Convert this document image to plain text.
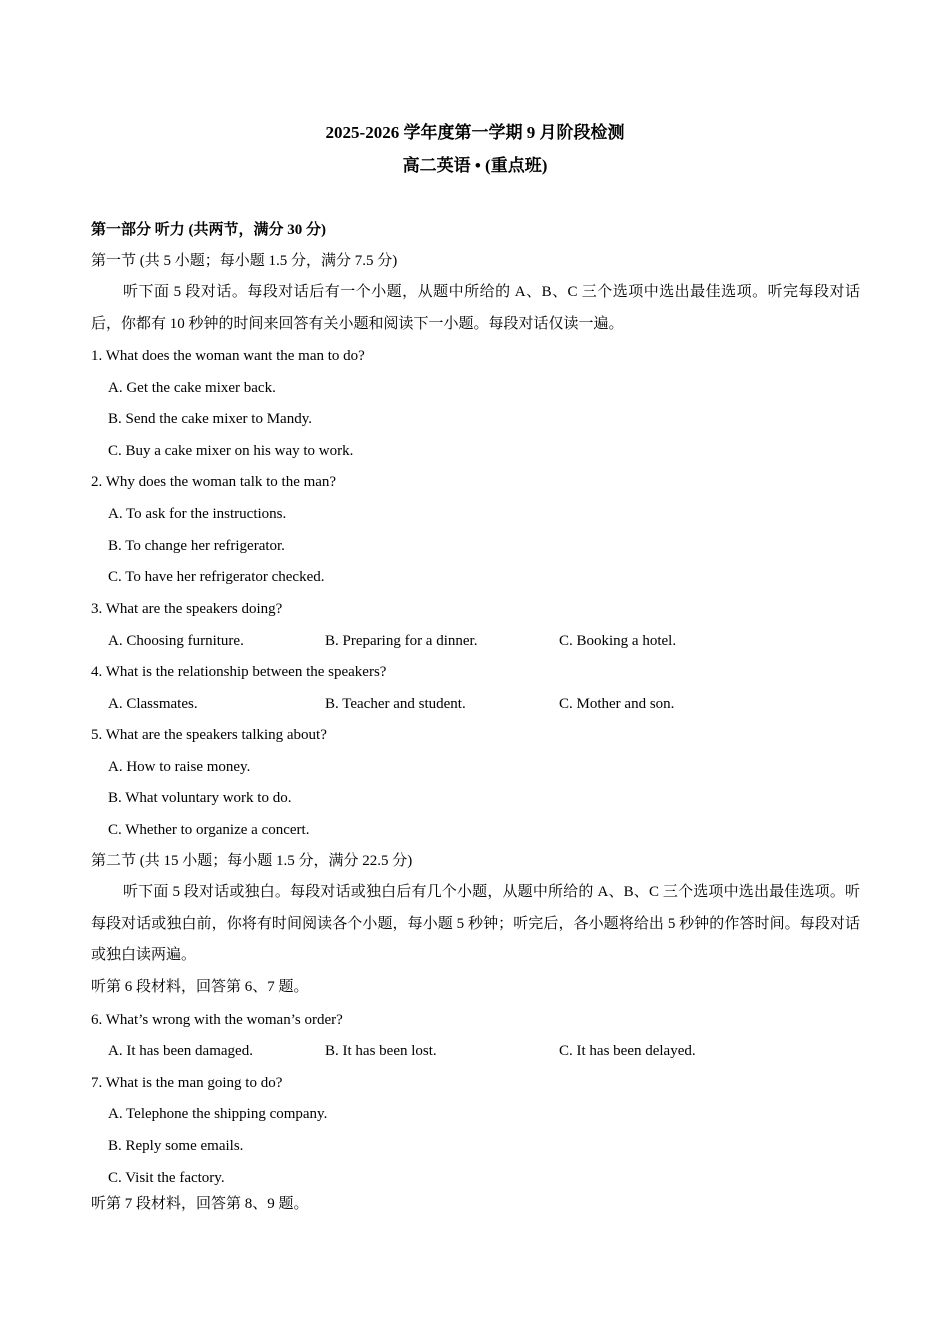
2025-2026 学年度第一学期 9 月阶段检测
高二英语 • (重点班)
第一部分 听力 (共两节，满分 30 分)
第一节 (共 5 小题；每小题 1.5 分，满分 7.5 分)
听下面 5 段对话。每段对话后有一个小题，从题中所给的 A、B、C 三个选项中选出最佳选项。听完每段对话后，你都有 10 秒钟的时间来回答有关小题和阅读下一小题。每段对话仅读一遍。
1. What does the woman want the man to do?
A. Get the cake mixer back.
B. Send the cake mixer to Mandy.
C. Buy a cake mixer on his way to work.
2. Why does the woman talk to the man?
A. To ask for the instructions.
B. To change her refrigerator.
C. To have her refrigerator checked.
3. What are the speakers doing?
A. Choosing furniture.	B. Preparing for a dinner.	C. Booking a hotel.
4. What is the relationship between the speakers?
A. Classmates.	B. Teacher and student.	C. Mother and son.
5. What are the speakers talking about?
A. How to raise money.
B. What voluntary work to do.
C. Whether to organize a concert.
第二节 (共 15 小题；每小题 1.5 分，满分 22.5 分)
听下面 5 段对话或独白。每段对话或独白后有几个小题，从题中所给的 A、B、C 三个选项中选出最佳选项。听每段对话或独白前，你将有时间阅读各个小题，每小题 5 秒钟；听完后，各小题将给出 5 秒钟的作答时间。每段对话或独白读两遍。
听第 6 段材料，回答第 6、7 题。
6. What’s wrong with the woman’s order?
A. It has been damaged.	B. It has been lost.	C. It has been delayed.
7. What is the man going to do?
A. Telephone the shipping company.
B. Reply some emails.
C. Visit the factory.
听第 7 段材料，回答第 8、9 题。
